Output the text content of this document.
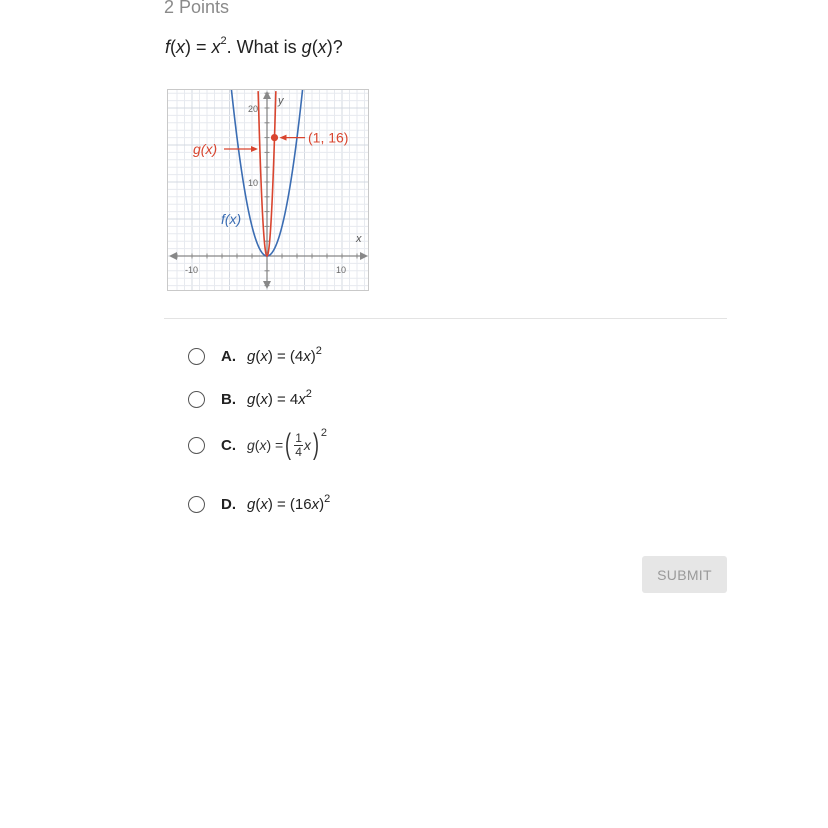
2 Points
$f(x) = x^2$. What is g(x)?
y
x
20
10
-10	10
g(x)
f(x)
(1, 16)
A. $g(x) = (4x)^2$
B. $g(x) = 4x^2$
C. g ( x ) = ( $\frac{1}{4}$ x )$^2$
D. $g(x) = (16x)^2$
SUBMIT
